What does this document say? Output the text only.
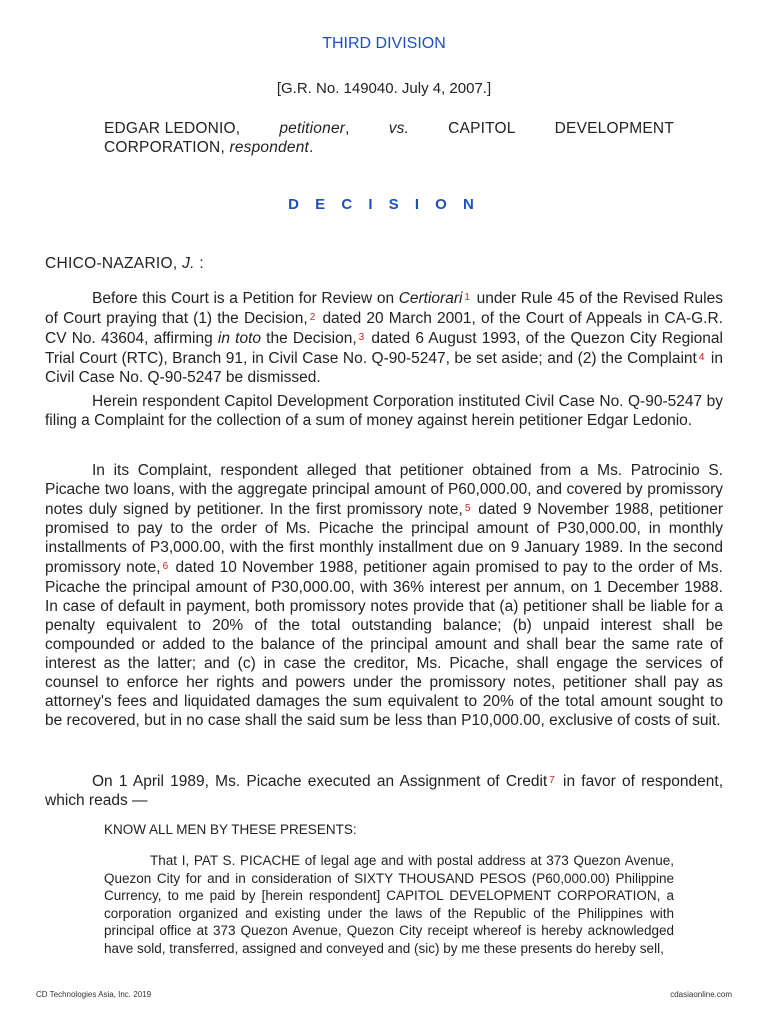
THIRD DIVISION
[G.R. No. 149040. July 4, 2007.]
EDGAR LEDONIO,	petitioner,	vs.	CAPITOL	DEVELOPMENT
CORPORATION, respondent.
D E C I S I O N
CHICO-NAZARIO, J. :

Before this Court is a Petition for Review on Certiorari $^1$ under Rule 45 of the Revised Rules of Court praying that (1) the Decision, $^2$ dated 20 March 2001, of the Court of Appeals in CA-G.R. CV No. 43604, affirming in toto the Decision, $^3$ dated 6 August 1993, of the Quezon City Regional Trial Court (RTC), Branch 91, in Civil Case No. Q-90-5247, be set aside; and (2) the Complaint $^4$ in Civil Case No. Q-90-5247 be dismissed.

Herein respondent Capitol Development Corporation instituted Civil Case No. Q-90-5247 by filing a Complaint for the collection of a sum of money against herein petitioner Edgar Ledonio.

In its Complaint, respondent alleged that petitioner obtained from a Ms. Patrocinio S. Picache two loans, with the aggregate principal amount of P60,000.00, and covered by promissory notes duly signed by petitioner. In the first promissory note, $^5$ dated 9 November 1988, petitioner promised to pay to the order of Ms. Picache the principal amount of P30,000.00, in monthly installments of P3,000.00, with the first monthly installment due on 9 January 1989. In the second promissory note, $^6$ dated 10 November 1988, petitioner again promised to pay to the order of Ms. Picache the principal amount of P30,000.00, with 36% interest per annum, on 1 December 1988. In case of default in payment, both promissory notes provide that (a) petitioner shall be liable for a penalty equivalent to 20% of the total outstanding balance; (b) unpaid interest shall be compounded or added to the balance of the principal amount and shall bear the same rate of interest as the latter; and (c) in case the creditor, Ms. Picache, shall engage the services of counsel to enforce her rights and powers under the promissory notes, petitioner shall pay as attorney's fees and liquidated damages the sum equivalent to 20% of the total amount sought to be recovered, but in no case shall the said sum be less than P10,000.00, exclusive of costs of suit.

On 1 April 1989, Ms. Picache executed an Assignment of Credit $^7$ in favor of respondent, which reads —

KNOW ALL MEN BY THESE PRESENTS:

That I, PAT S. PICACHE of legal age and with postal address at 373 Quezon Avenue, Quezon City for and in consideration of SIXTY THOUSAND PESOS (P60,000.00) Philippine Currency, to me paid by [herein respondent] CAPITOL DEVELOPMENT CORPORATION, a corporation organized and existing under the laws of the Republic of the Philippines with principal office at 373 Quezon Avenue, Quezon City receipt whereof is hereby acknowledged have sold, transferred, assigned and conveyed and (sic) by me these presents do hereby sell,

CD Technologies Asia, Inc. 2019	cdasiaonline.com
